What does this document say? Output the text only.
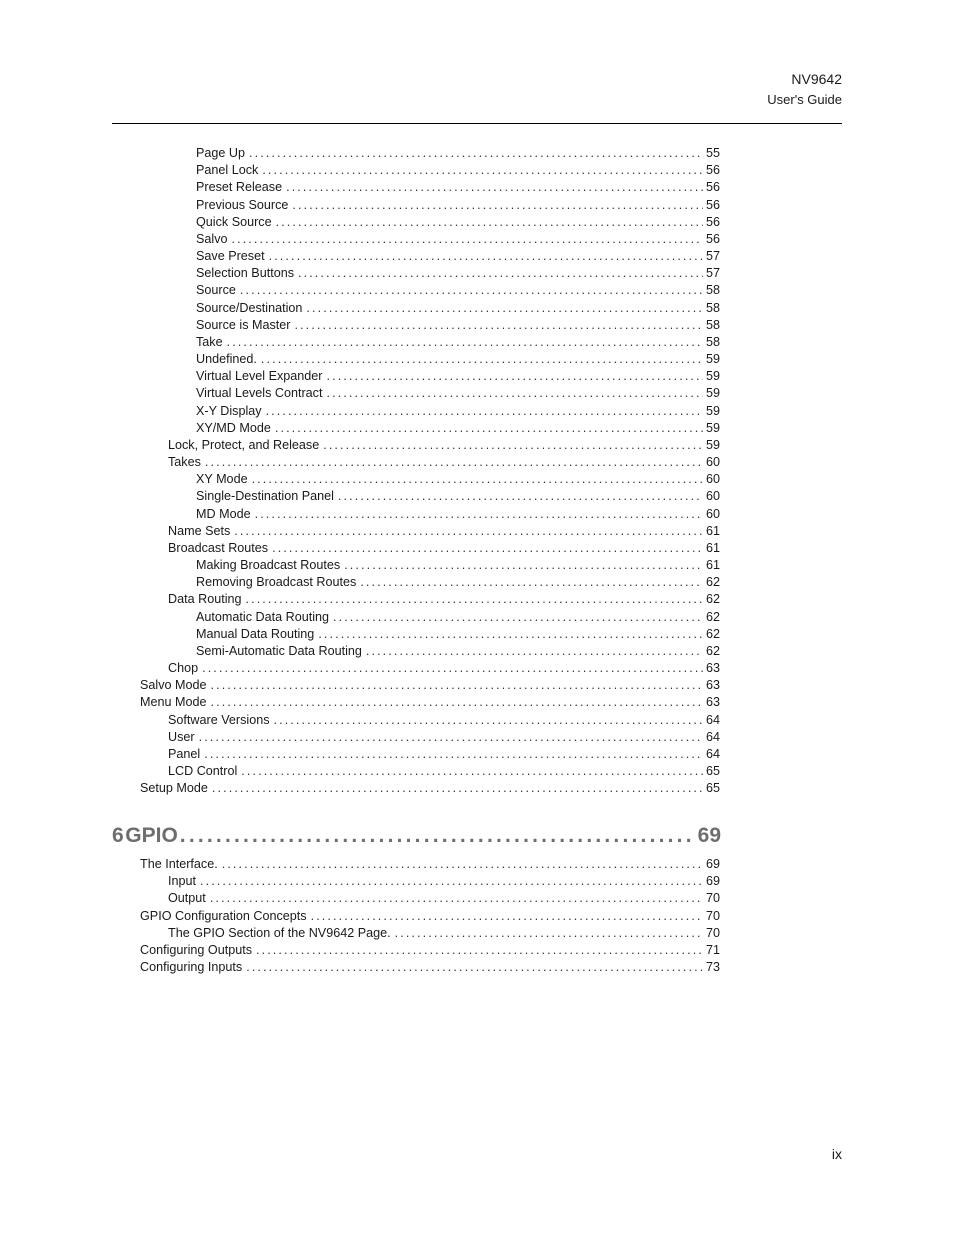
NV9642
User's Guide
Page Up .....	55
Panel Lock .....	56
Preset Release .....	56
Previous Source .....	56
Quick Source .....	56
Salvo .....	56
Save Preset .....	57
Selection Buttons .....	57
Source .....	58
Source/Destination .....	58
Source is Master .....	58
Take .....	58
Undefined. .....	59
Virtual Level Expander .....	59
Virtual Levels Contract .....	59
X-Y Display .....	59
XY/MD Mode .....	59
Lock, Protect, and Release .....	59
Takes .....	60
XY Mode .....	60
Single-Destination Panel .....	60
MD Mode .....	60
Name Sets .....	61
Broadcast Routes .....	61
Making Broadcast Routes .....	61
Removing Broadcast Routes .....	62
Data Routing .....	62
Automatic Data Routing .....	62
Manual Data Routing .....	62
Semi-Automatic Data Routing .....	62
Chop .....	63
Salvo Mode .....	63
Menu Mode .....	63
Software Versions .....	64
User .....	64
Panel .....	64
LCD Control .....	65
Setup Mode .....	65
The Interface. .....	69
Input .....	69
Output .....	70
GPIO Configuration Concepts .....	70
The GPIO Section of the NV9642 Page. .....	70
Configuring Outputs .....	71
Configuring Inputs .....	73
6 GPIO .....	69
ix
